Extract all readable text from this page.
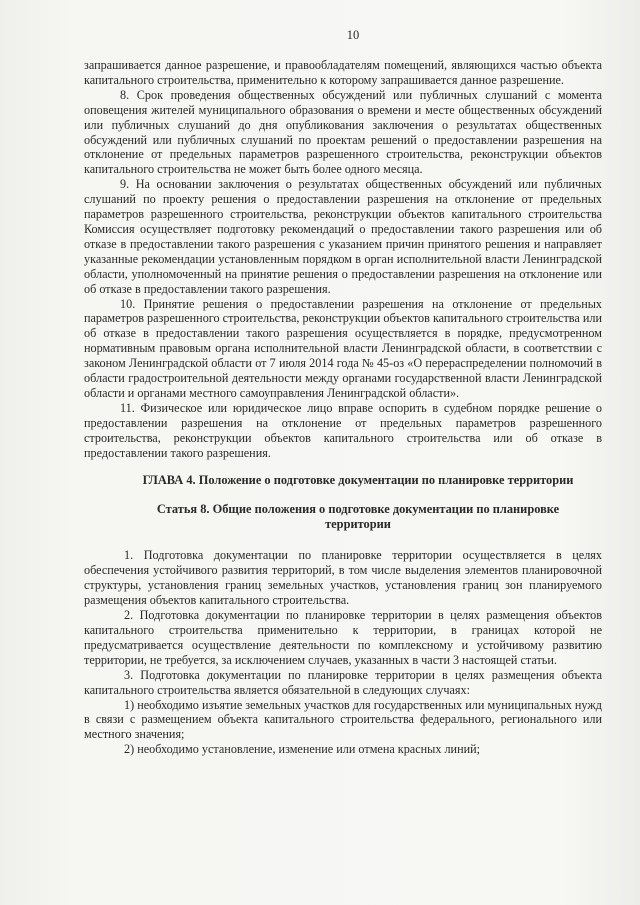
10

запрашивается данное разрешение, и правообладателям помещений, являющихся частью объекта капитального строительства, применительно к которому запрашивается данное разрешение.

8. Срок проведения общественных обсуждений или публичных слушаний с момента оповещения жителей муниципального образования о времени и месте общественных обсуждений или публичных слушаний до дня опубликования заключения о результатах общественных обсуждений или публичных слушаний по проектам решений о предоставлении разрешения на отклонение от предельных параметров разрешенного строительства, реконструкции объектов капитального строительства не может быть более одного месяца.

9. На основании заключения о результатах общественных обсуждений или публичных слушаний по проекту решения о предоставлении разрешения на отклонение от предельных параметров разрешенного строительства, реконструкции объектов капитального строительства Комиссия осуществляет подготовку рекомендаций о предоставлении такого разрешения или об отказе в предоставлении такого разрешения с указанием причин принятого решения и направляет указанные рекомендации установленным порядком в орган исполнительной власти Ленинградской области, уполномоченный на принятие решения о предоставлении разрешения на отклонение или об отказе в предоставлении такого разрешения.

10. Принятие решения о предоставлении разрешения на отклонение от предельных параметров разрешенного строительства, реконструкции объектов капитального строительства или об отказе в предоставлении такого разрешения осуществляется в порядке, предусмотренном нормативным правовым органа исполнительной власти Ленинградской области, в соответствии с законом Ленинградской области от 7 июля 2014 года № 45-оз «О перераспределении полномочий в области градостроительной деятельности между органами государственной власти Ленинградской области и органами местного самоуправления Ленинградской области».

11. Физическое или юридическое лицо вправе оспорить в судебном порядке решение о предоставлении разрешения на отклонение от предельных параметров разрешенного строительства, реконструкции объектов капитального строительства или об отказе в предоставлении такого разрешения.

ГЛАВА 4. Положение о подготовке документации по планировке территории
Статья 8. Общие положения о подготовке документации по планировке территории

1. Подготовка документации по планировке территории осуществляется в целях обеспечения устойчивого развития территорий, в том числе выделения элементов планировочной структуры, установления границ земельных участков, установления границ зон планируемого размещения объектов капитального строительства.

2. Подготовка документации по планировке территории в целях размещения объектов капитального строительства применительно к территории, в границах которой не предусматривается осуществление деятельности по комплексному и устойчивому развитию территории, не требуется, за исключением случаев, указанных в части 3 настоящей статьи.

3. Подготовка документации по планировке территории в целях размещения объекта капитального строительства является обязательной в следующих случаях:

1) необходимо изъятие земельных участков для государственных или муниципальных нужд в связи с размещением объекта капитального строительства федерального, регионального или местного значения;

2) необходимо установление, изменение или отмена красных линий;
